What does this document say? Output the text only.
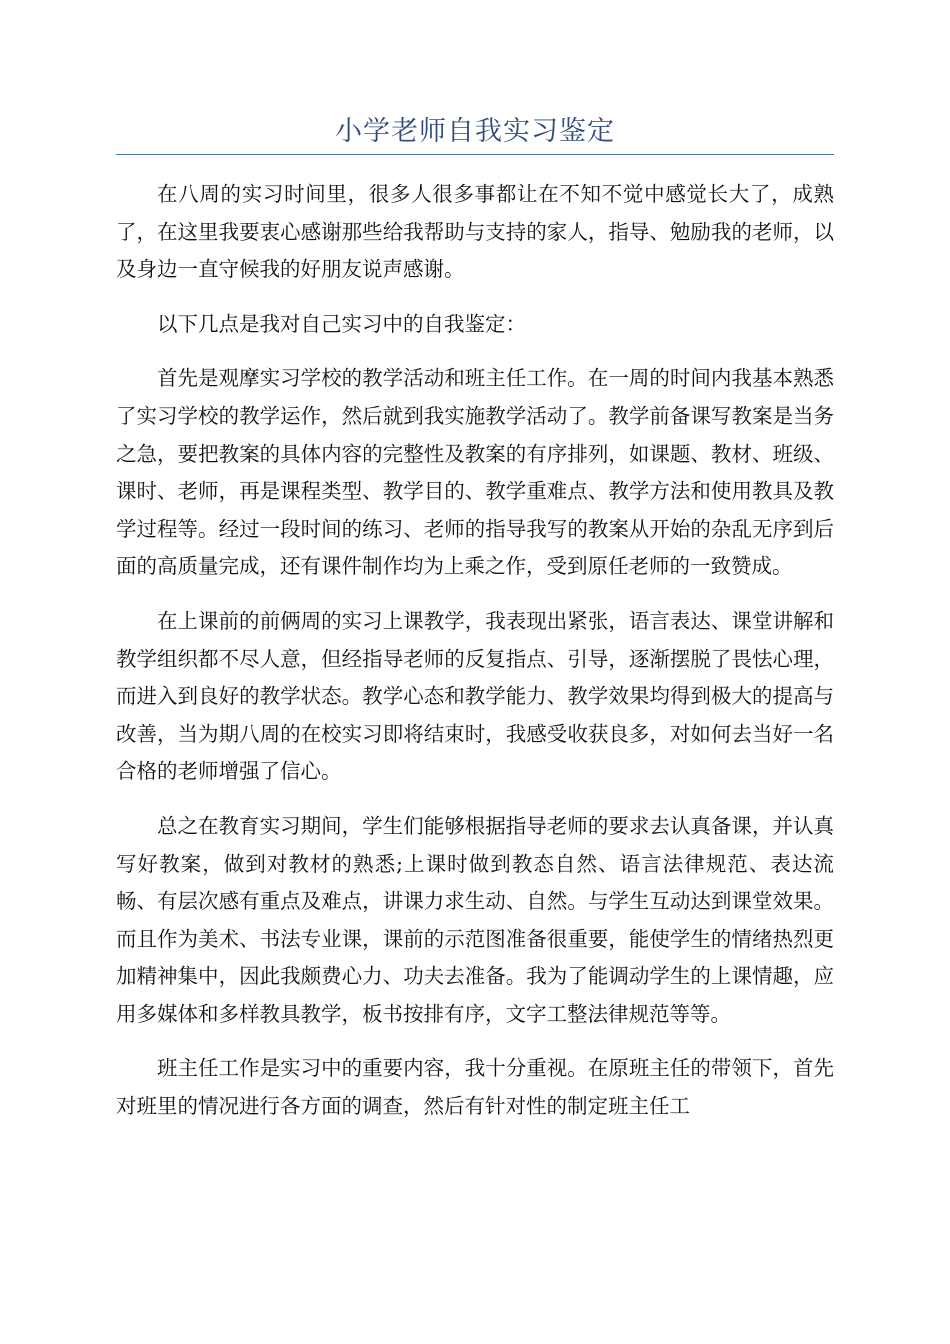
小学老师自我实习鉴定

在八周的实习时间里，很多人很多事都让在不知不觉中感觉长大了，成熟了，在这里我要衷心感谢那些给我帮助与支持的家人，指导、勉励我的老师，以及身边一直守候我的好朋友说声感谢。

以下几点是我对自己实习中的自我鉴定：

首先是观摩实习学校的教学活动和班主任工作。在一周的时间内我基本熟悉了实习学校的教学运作，然后就到我实施教学活动了。教学前备课写教案是当务之急，要把教案的具体内容的完整性及教案的有序排列，如课题、教材、班级、课时、老师，再是课程类型、教学目的、教学重难点、教学方法和使用教具及教学过程等。经过一段时间的练习、老师的指导我写的教案从开始的杂乱无序到后面的高质量完成，还有课件制作均为上乘之作，受到原任老师的一致赞成。

在上课前的前俩周的实习上课教学，我表现出紧张，语言表达、课堂讲解和教学组织都不尽人意，但经指导老师的反复指点、引导，逐渐摆脱了畏怯心理，而进入到良好的教学状态。教学心态和教学能力、教学效果均得到极大的提高与改善，当为期八周的在校实习即将结束时，我感受收获良多，对如何去当好一名合格的老师增强了信心。

总之在教育实习期间，学生们能够根据指导老师的要求去认真备课，并认真写好教案，做到对教材的熟悉;上课时做到教态自然、语言法律规范、表达流畅、有层次感有重点及难点，讲课力求生动、自然。与学生互动达到课堂效果。而且作为美术、书法专业课，课前的示范图准备很重要，能使学生的情绪热烈更加精神集中，因此我颇费心力、功夫去准备。我为了能调动学生的上课情趣，应用多媒体和多样教具教学，板书按排有序，文字工整法律规范等等。

班主任工作是实习中的重要内容，我十分重视。在原班主任的带领下，首先对班里的情况进行各方面的调查，然后有针对性的制定班主任工
